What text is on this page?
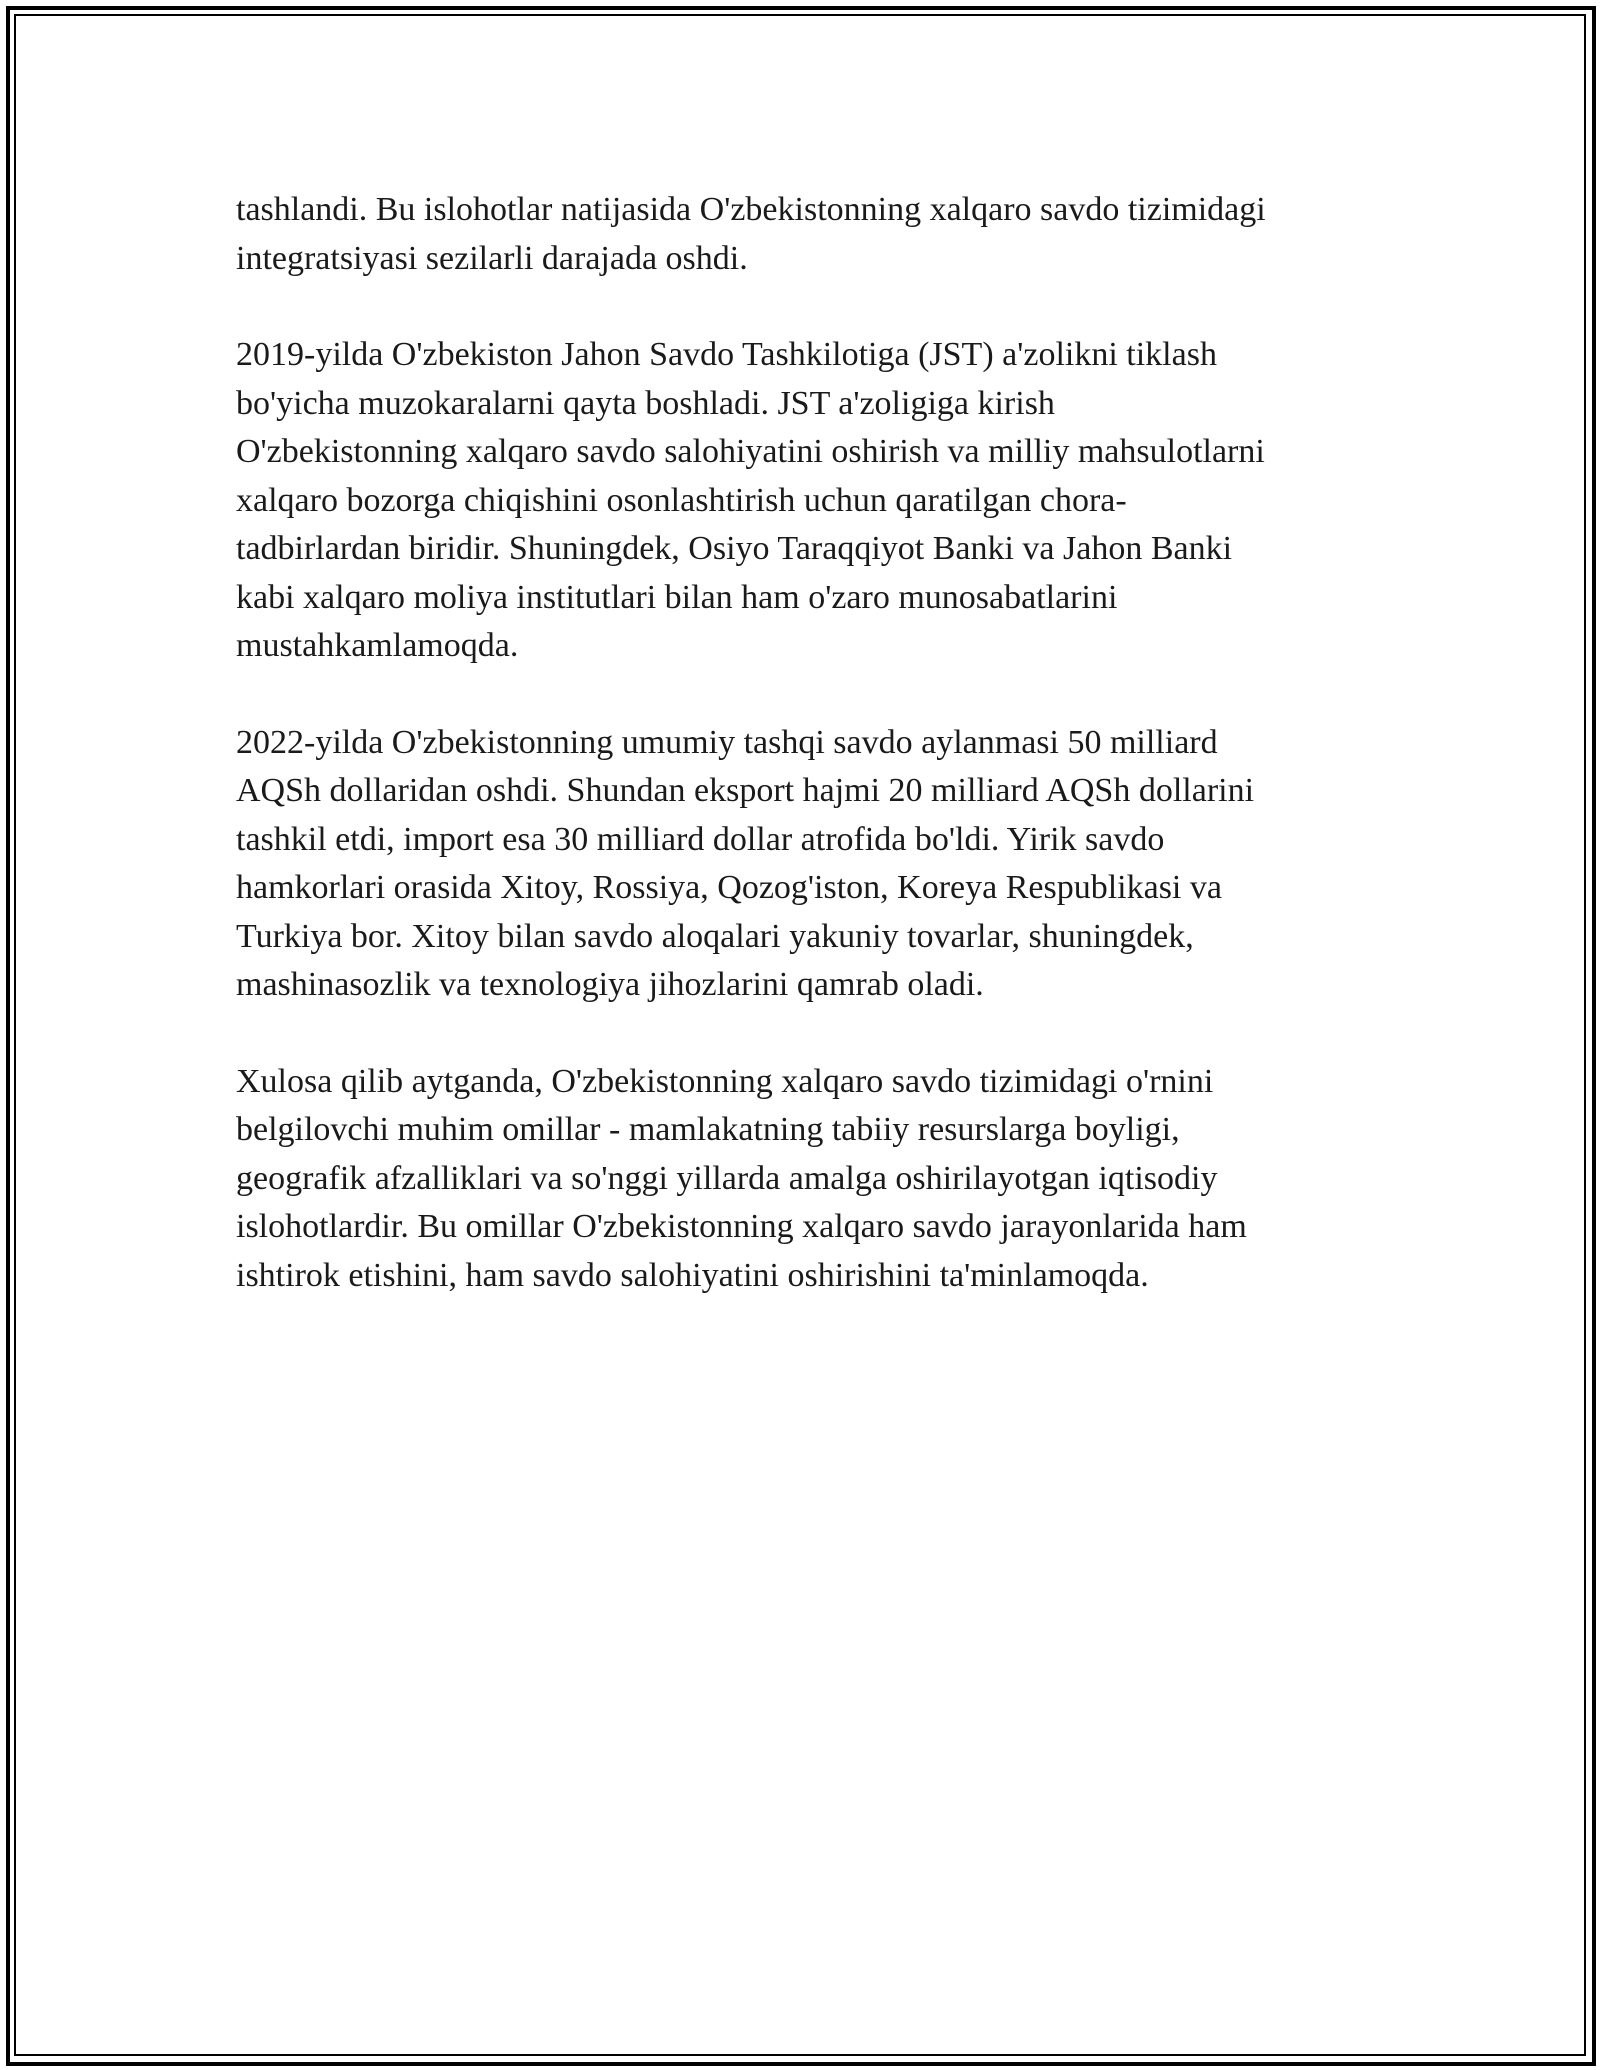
tashlandi. Bu islohotlar natijasida O'zbekistonning xalqaro savdo tizimidagi
integratsiyasi sezilarli darajada oshdi.

2019-yilda O'zbekiston Jahon Savdo Tashkilotiga (JST) a'zolikni tiklash
bo'yicha muzokaralarni qayta boshladi. JST a'zoligiga kirish
O'zbekistonning xalqaro savdo salohiyatini oshirish va milliy mahsulotlarni
xalqaro bozorga chiqishini osonlashtirish uchun qaratilgan chora-
tadbirlardan biridir. Shuningdek, Osiyo Taraqqiyot Banki va Jahon Banki
kabi xalqaro moliya institutlari bilan ham o'zaro munosabatlarini
mustahkamlamoqda.

2022-yilda O'zbekistonning umumiy tashqi savdo aylanmasi 50 milliard
AQSh dollaridan oshdi. Shundan eksport hajmi 20 milliard AQSh dollarini
tashkil etdi, import esa 30 milliard dollar atrofida bo'ldi. Yirik savdo
hamkorlari orasida Xitoy, Rossiya, Qozog'iston, Koreya Respublikasi va
Turkiya bor. Xitoy bilan savdo aloqalari yakuniy tovarlar, shuningdek,
mashinasozlik va texnologiya jihozlarini qamrab oladi.

Xulosa qilib aytganda, O'zbekistonning xalqaro savdo tizimidagi o'rnini
belgilovchi muhim omillar - mamlakatning tabiiy resurslarga boyligi,
geografik afzalliklari va so'nggi yillarda amalga oshirilayotgan iqtisodiy
islohotlardir. Bu omillar O'zbekistonning xalqaro savdo jarayonlarida ham
ishtirok etishini, ham savdo salohiyatini oshirishini ta'minlamoqda.
